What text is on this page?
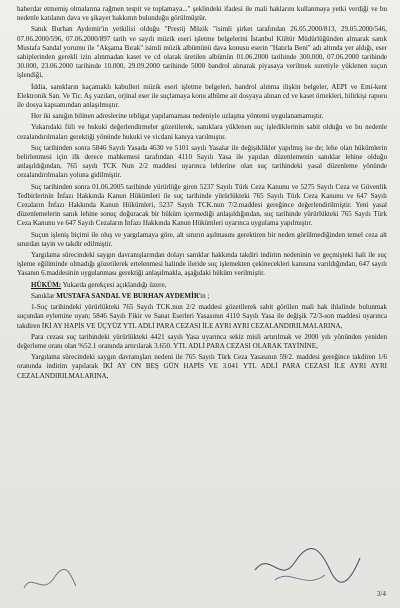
haberdar etmemiş olmalarına rağmen tespit ve toplamaya..." şeklindeki ifadesi ile mali haklarını kullanmaya yetki verdiği ve bu nedenle katılanın dava ve şikayet hakkının bulunduğu görülmüştür.

Sanık Burhan Aydemir'in yetkilisi olduğu "Prestij Müzik "isimli şirket tarafından 26.05.2000/813, 29.05.2000/546, 07.06.2000/596, 07.06.2000/897 tarih ve sayılı müzik eseri işletme belgelerini İstanbul Kültür Müdürlüğünden almarak sanık Mustafa Sandal yorumu ile "Akşama Bırak" isimli müzik albümünü dava konusu eserin "Hatırla Beni" adı altında yer aldığı, eser sahiplerinden gerekli izin alınmadan kaset ve cd olarak üretilen albümün 01.06.2000 tarihinde 300.000, 07.06.2000 tarihinde 30.000, 23.06.2000 tarihinde 10.000, 29.09.2000 tarihinde 5000 bandrol alınarak piyasaya verilmek suretiyle yüklenen suçun işlendiği,

İddia, sanıkların kaçamaklı kabulleri müzik eseri işletme belgeleri, bandrol alınma ilişkin belgeler, AEPI ve Emi-kent Elektronik San. Ve Tic. Aş yazıları, orjinal eser ile suçlamaya konu albüme ait dosyaya alınan cd ve kaset örnekleri, bilirkişi raporu ile dosya kapsamından anlaşılmıştır.

Her iki sanığın bilinen adreslerine tebligat yapılamaması nedeniyle uzlaşma yöntemi uygulanamamıştır.

Yukarıdaki fiili ve hukuki değerlendirmeler gözetilerek, sanıklara yüklenen suç işlediklerinin sabit olduğu ve bu nedenle cezalandırılmaları gerektiği yönünde hukuki ve vicdani kanıya varılmıştır.

Suç tarihinden sonra 5846 Sayılı Yasada 4630 ve 5101 sayılı Yasalar ile değişiklikler yapılmış ise de; lehe olan hükümlerin belirlenmesi için ilk derece mahkemesi tarafından 4110 Sayılı Yasa ile yapılan düzenlemenin sanıklar lehine olduğu anlaşıldığından, 765 sayılı TCK Nun 2/2 maddesi uyarınca lehlerine olan suç tarihindeki yasal düzenleme yönünde cezalandırılmaları yoluna gidilmiştir.

Suç tarihinden sonra 01.06.2005 tarihinde yürürlüğe giren 5237 Sayılı Türk Ceza Kanunu ve 5275 Sayılı Ceza ve Güvenlik Tedbirlerinin İnfazı Hakkında Kanun Hükümleri ile suç tarihinde yürürlükteki 765 Sayılı Türk Ceza Kanunu ve 647 Sayılı Cezaların İnfazı Hakkında Kanun Hükümleri, 5237 Sayılı TCK.nun 7/2.maddesi gereğince değerlendirilmiştir. Yeni yasal düzenlemelerin sanık lehine sonuç doğuracak bir hüküm içermediği anlaşıldığından, suç tarihinde yürürlükteki 765 Sayılı Türk Ceza Kanunu ve 647 Sayılı Cezaların İnfazı Hakkında Kanun Hükümleri uyarınca uygulama yapılmıştır.

Suçun işleniş biçimi ile oluş ve yargılamaya göre, alt sınırın aşılmasını gerektiren bir neden görülmediğinden temel ceza alt sınırdan tayin ve takdir edilmiştir.

Yargılama sürecindeki saygın davranışlarından dolayı sanıklar hakkında takdiri indirim nedeninin ve geçmişteki hali ile suç işleme eğiliminde olmadığı gözetilerek ertelenmesi halinde ileride suç işlemekten çekinecekleri kanısına varıldığından, 647 sayılı Yasanın 6.maddesinin uygulanması gerektiği anlaşılmakla, aşağıdaki hüküm verilmiştir.

HÜKÜM: Yukarda gerekçesi açıklandığı üzere,

Sanıklar MUSTAFA SANDAL VE BURHAN AYDEMİR'in ;

1-Suç tarihindeki yürürlükteki 765 Sayılı TCK.nun 2/2 maddesi gözetilerek sabit görülen mali hak ihlalinde bulunmak suçundan eylemine uyan; 5846 Sayılı Fikir ve Sanat Eserleri Yasasının 4110 Sayılı Yasa ile değişik 72/3-son maddesi uyarınca takdiren İKİ AY HAPİS VE ÜÇYÜZ YTL ADLİ PARA CEZASI İLE AYRI AYRI CEZALANDIRILMALARINA,

Para cezası suç tarihindeki yürürlükteki 4421 sayılı Yasa uyarınca sekiz misli artırılmak ve 2000 yılı yönünden yeniden değerleme oranı olan %52.1 oranında artırılarak 3.650. YTL ADLİ PARA CEZASI OLARAK TAYİNİNE,

Yargılama sürecindeki saygın davranışları nedeni ile 765 Sayılı Türk Ceza Yasasının 59/2. maddesi gereğince takdiren 1/6 oranında indirim yapılarak İKİ AY ON BEŞ GÜN HAPİS VE 3.041 YTL ADLİ PARA CEZASI İLE AYRI AYRI CEZALANDIRILMALARINA,

3/4
